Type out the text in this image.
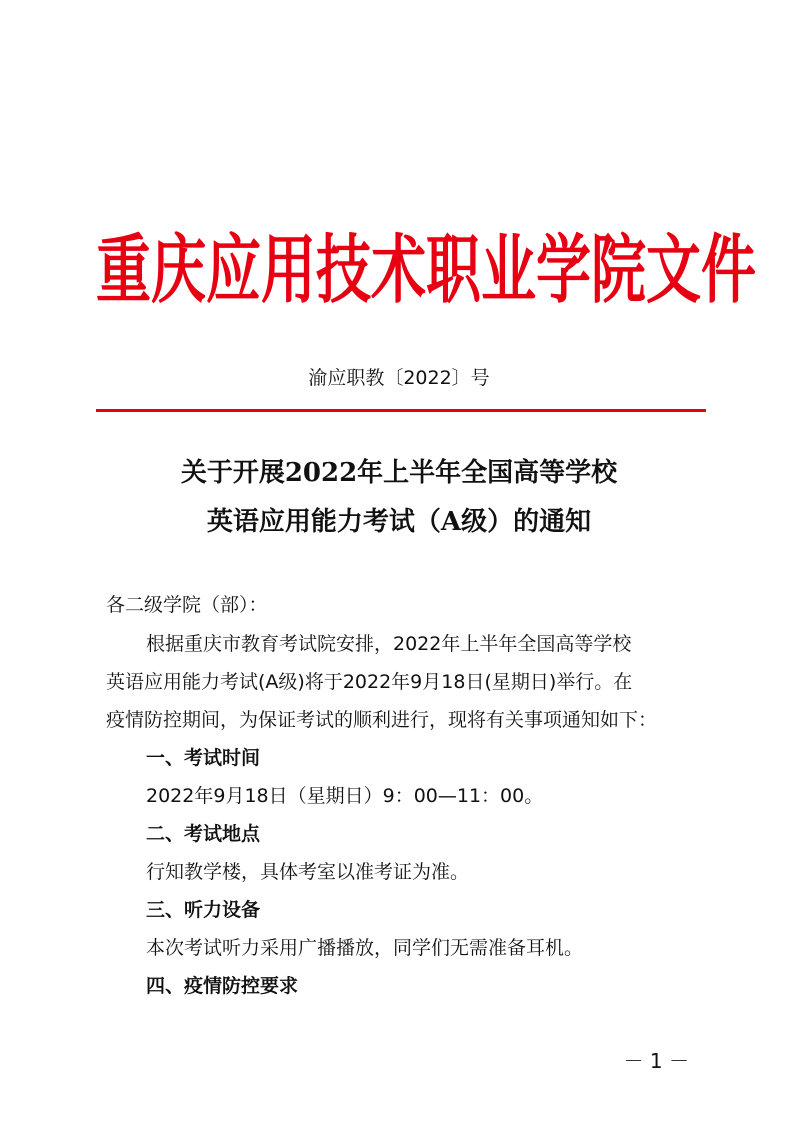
重庆应用技术职业学院文件
渝应职教〔2022〕号
关于开展2022年上半年全国高等学校
英语应用能力考试（A级）的通知
各二级学院（部）：
根据重庆市教育考试院安排，2022年上半年全国高等学校
英语应用能力考试(A级)将于2022年9月18日(星期日)举行。在
疫情防控期间，为保证考试的顺利进行，现将有关事项通知如下：
一、考试时间
2022年9月18日（星期日）9：00—11：00。
二、考试地点
行知教学楼，具体考室以准考证为准。
三、听力设备
本次考试听力采用广播播放，同学们无需准备耳机。
四、疫情防控要求
－ 1 －
